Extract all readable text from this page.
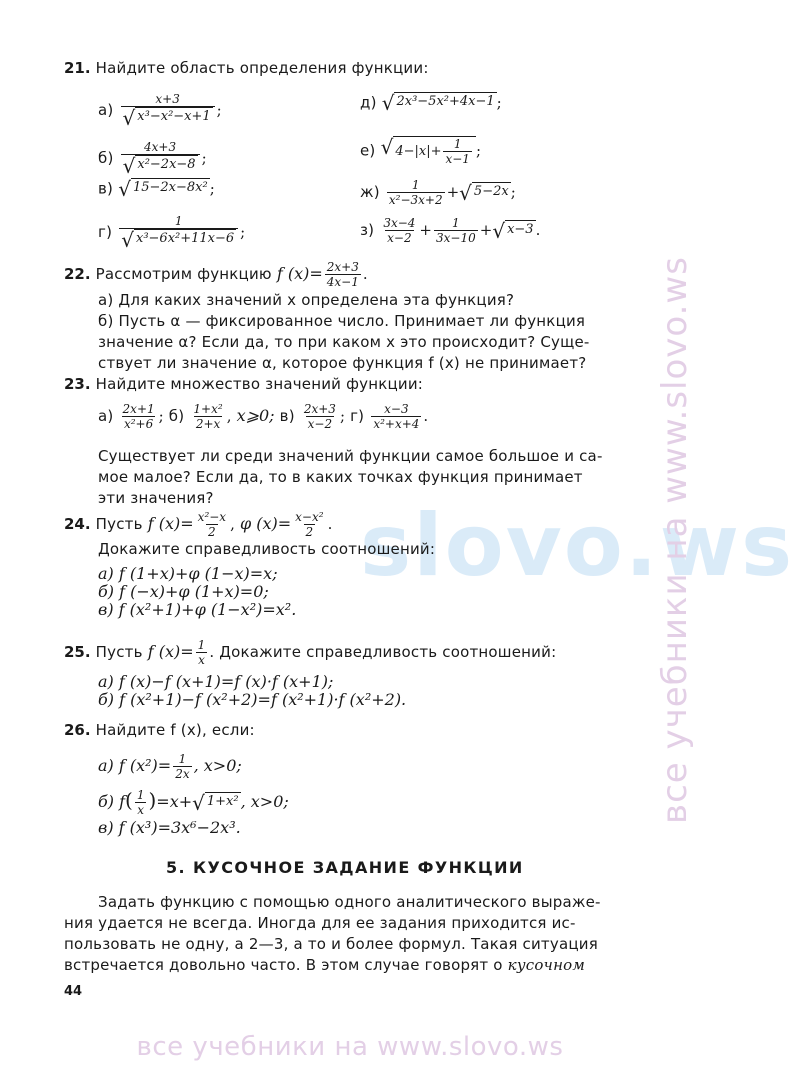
slovo.ws
все учебники на www.slovo.ws
все учебники на www.slovo.ws
21. Найдите область определения функции:
$а) \frac{x+3}{\text{√ x³−x²−x+1}}$ ;
$б) \frac{4x+3}{\text{√ x²−2x−8}}$ ;
в) √ 15−2x−8x² ;
$г) \frac{1}{\text{√ x³−6x²+11x−6}}$ ;
д) √ 2x³−5x²+4x−1 ;
е) √ $4-|x|+ \frac{1}{x-1}$ ;
$ж) \frac{1}{\text{x²−3x+2}}$ + √ 5−2x ;
$з) \frac{3x-4}{x-2} + \frac{1}{3x-10}$ + √ x−3 .
22. Рассмотрим функцию f $(x)= \frac{2x+3}{4x-1}$ .
а) Для каких значений x определена эта функция?
б) Пусть α — фиксированное число. Принимает ли функция
значение α? Если да, то при каком x это происходит? Суще-
ствует ли значение α, которое функция f (x) не принимает?
23. Найдите множество значений функции:
$а) \frac{2x+1}{\text{x²+6}}$ ; $б) \frac{\text{1+x²}}{2+x}$ , x⩾0; $в) \frac{2x+3}{x-2}$ ; $г) \frac{x-3}{\text{x²+x+4}}$ .
Существует ли среди значений функции самое большое и са-
мое малое? Если да, то в каких точках функция принимает
эти значения?
24. Пусть f $(x)= \frac{\text{x²−x}}{2}$ , φ $(x)= \frac{\text{x−x²}}{2}$ .
Докажите справедливость соотношений:
а) f (1+x)+φ (1−x)=x;
б) f (−x)+φ (1+x)=0;
в) f (x²+1)+φ (1−x²)=x².
25. Пусть f $(x)= \frac{1}{x}$ . Докажите справедливость соотношений:
а) f (x)−f (x+1)=f (x)·f (x+1);
б) f (x²+1)−f (x²+2)=f (x²+1)·f (x²+2).
26. Найдите f (x), если:
а) f $(x^2)= \frac{1}{2x}$ , x>0;
б) $f( \frac{1}{x} )=x+$ √ 1+x² , x>0;
в) f (x³)=3x⁶−2x³.
5. КУСОЧНОЕ ЗАДАНИЕ ФУНКЦИИ
Задать функцию с помощью одного аналитического выраже-
ния удается не всегда. Иногда для ее задания приходится ис-
пользовать не одну, а 2—3, а то и более формул. Такая ситуация
встречается довольно часто. В этом случае говорят о кусочном
44
